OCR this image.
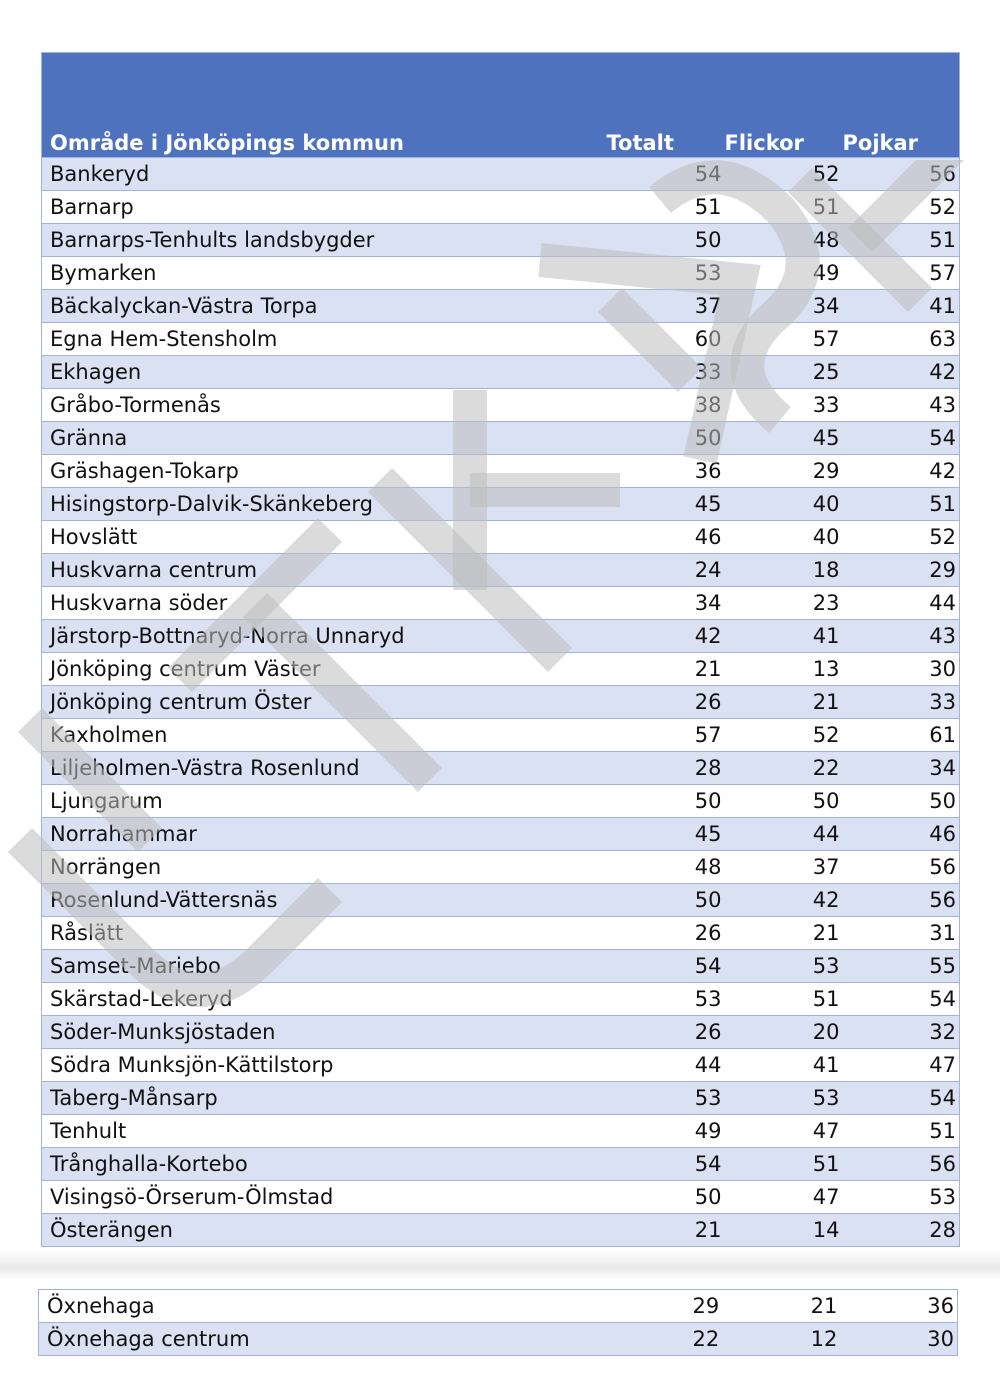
Område i Jönköpings kommun	Totalt	Flickor	Pojkar
Bankeryd	54	52	56
Barnarp	51	51	52
Barnarps-Tenhults landsbygder	50	48	51
Bymarken	53	49	57
Bäckalyckan-Västra Torpa	37	34	41
Egna Hem-Stensholm	60	57	63
Ekhagen	33	25	42
Gråbo-Tormenås	38	33	43
Gränna	50	45	54
Gräshagen-Tokarp	36	29	42
Hisingstorp-Dalvik-Skänkeberg	45	40	51
Hovslätt	46	40	52
Huskvarna centrum	24	18	29
Huskvarna söder	34	23	44
Järstorp-Bottnaryd-Norra Unnaryd	42	41	43
Jönköping centrum Väster	21	13	30
Jönköping centrum Öster	26	21	33
Kaxholmen	57	52	61
Liljeholmen-Västra Rosenlund	28	22	34
Ljungarum	50	50	50
Norrahammar	45	44	46
Norrängen	48	37	56
Rosenlund-Vättersnäs	50	42	56
Råslätt	26	21	31
Samset-Mariebo	54	53	55
Skärstad-Lekeryd	53	51	54
Söder-Munksjöstaden	26	20	32
Södra Munksjön-Kättilstorp	44	41	47
Taberg-Månsarp	53	53	54
Tenhult	49	47	51
Trånghalla-Kortebo	54	51	56
Visingsö-Örserum-Ölmstad	50	47	53
Österängen	21	14	28
Öxnehaga	29	21	36
Öxnehaga centrum	22	12	30
